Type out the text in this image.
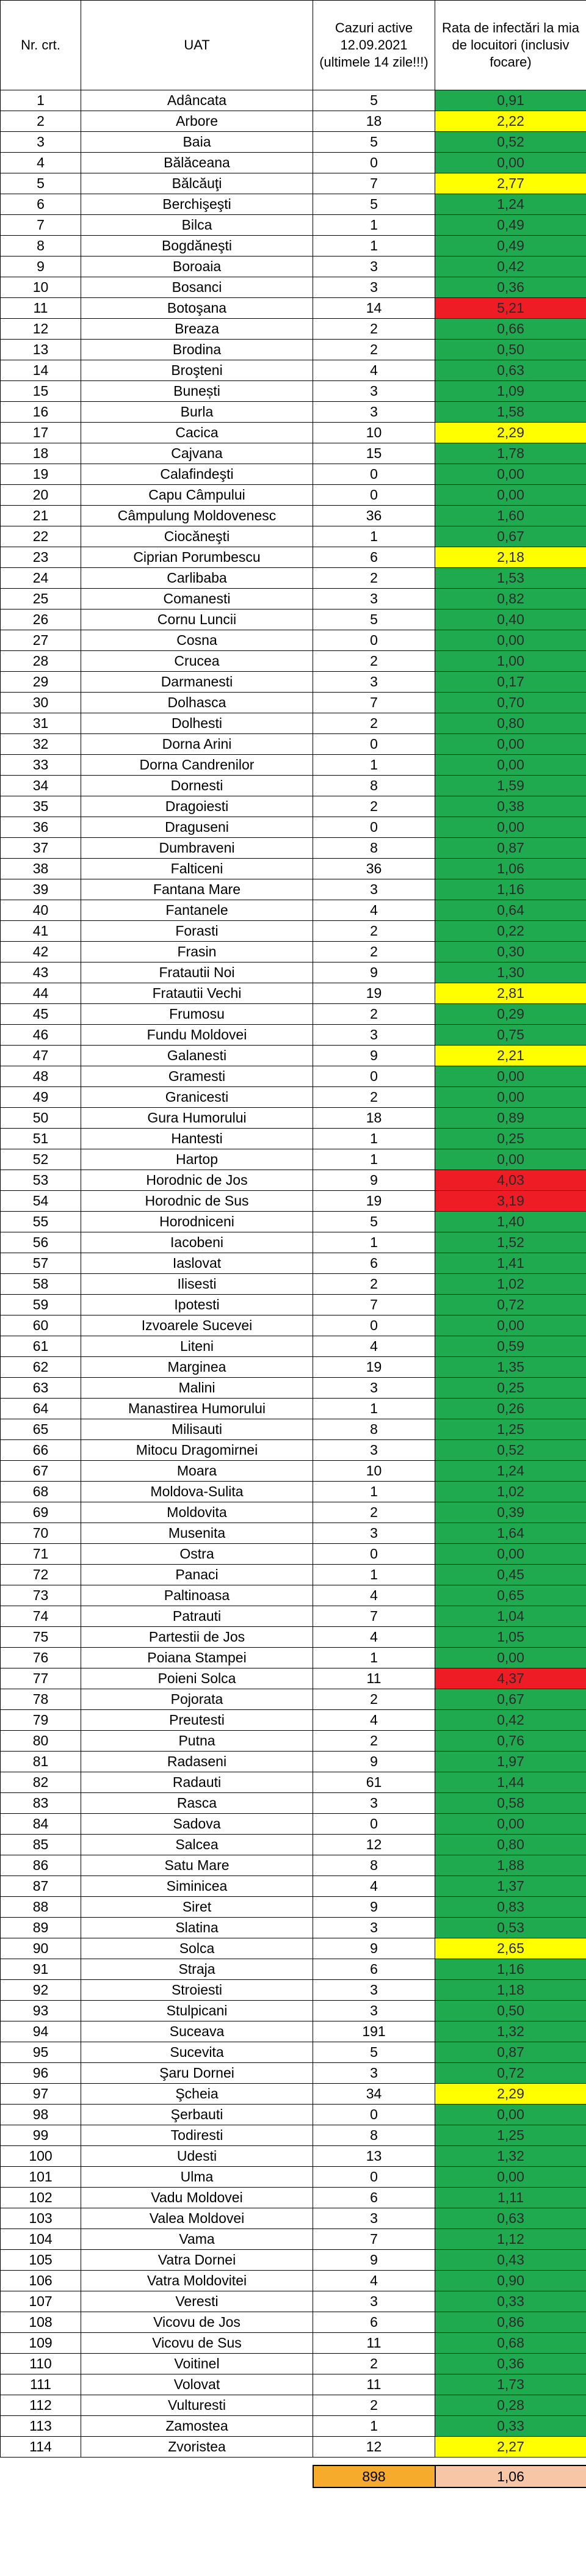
Nr. crt.	UAT	Cazuri active 12.09.2021 (ultimele 14 zile!!!)	Rata de infectări la mia de locuitori (inclusiv focare)
1	Adâncata	5	0,91
2	Arbore	18	2,22
3	Baia	5	0,52
4	Bălăceana	0	0,00
5	Bălcăuţi	7	2,77
6	Berchişeşti	5	1,24
7	Bilca	1	0,49
8	Bogdăneşti	1	0,49
9	Boroaia	3	0,42
10	Bosanci	3	0,36
11	Botoşana	14	5,21
12	Breaza	2	0,66
13	Brodina	2	0,50
14	Broşteni	4	0,63
15	Bunești	3	1,09
16	Burla	3	1,58
17	Cacica	10	2,29
18	Cajvana	15	1,78
19	Calafindeşti	0	0,00
20	Capu Câmpului	0	0,00
21	Câmpulung Moldovenesc	36	1,60
22	Ciocăneşti	1	0,67
23	Ciprian Porumbescu	6	2,18
24	Carlibaba	2	1,53
25	Comanesti	3	0,82
26	Cornu Luncii	5	0,40
27	Cosna	0	0,00
28	Crucea	2	1,00
29	Darmanesti	3	0,17
30	Dolhasca	7	0,70
31	Dolhesti	2	0,80
32	Dorna Arini	0	0,00
33	Dorna Candrenilor	1	0,00
34	Dornesti	8	1,59
35	Dragoiesti	2	0,38
36	Draguseni	0	0,00
37	Dumbraveni	8	0,87
38	Falticeni	36	1,06
39	Fantana Mare	3	1,16
40	Fantanele	4	0,64
41	Forasti	2	0,22
42	Frasin	2	0,30
43	Fratautii Noi	9	1,30
44	Fratautii Vechi	19	2,81
45	Frumosu	2	0,29
46	Fundu Moldovei	3	0,75
47	Galanesti	9	2,21
48	Gramesti	0	0,00
49	Granicesti	2	0,00
50	Gura Humorului	18	0,89
51	Hantesti	1	0,25
52	Hartop	1	0,00
53	Horodnic de Jos	9	4,03
54	Horodnic de Sus	19	3,19
55	Horodniceni	5	1,40
56	Iacobeni	1	1,52
57	Iaslovat	6	1,41
58	Ilisesti	2	1,02
59	Ipotesti	7	0,72
60	Izvoarele Sucevei	0	0,00
61	Liteni	4	0,59
62	Marginea	19	1,35
63	Malini	3	0,25
64	Manastirea Humorului	1	0,26
65	Milisauti	8	1,25
66	Mitocu Dragomirnei	3	0,52
67	Moara	10	1,24
68	Moldova-Sulita	1	1,02
69	Moldovita	2	0,39
70	Musenita	3	1,64
71	Ostra	0	0,00
72	Panaci	1	0,45
73	Paltinoasa	4	0,65
74	Patrauti	7	1,04
75	Partestii de Jos	4	1,05
76	Poiana Stampei	1	0,00
77	Poieni Solca	11	4,37
78	Pojorata	2	0,67
79	Preutesti	4	0,42
80	Putna	2	0,76
81	Radaseni	9	1,97
82	Radauti	61	1,44
83	Rasca	3	0,58
84	Sadova	0	0,00
85	Salcea	12	0,80
86	Satu Mare	8	1,88
87	Siminicea	4	1,37
88	Siret	9	0,83
89	Slatina	3	0,53
90	Solca	9	2,65
91	Straja	6	1,16
92	Stroiesti	3	1,18
93	Stulpicani	3	0,50
94	Suceava	191	1,32
95	Sucevita	5	0,87
96	Şaru Dornei	3	0,72
97	Şcheia	34	2,29
98	Şerbauti	0	0,00
99	Todiresti	8	1,25
100	Udesti	13	1,32
101	Ulma	0	0,00
102	Vadu Moldovei	6	1,11
103	Valea Moldovei	3	0,63
104	Vama	7	1,12
105	Vatra Dornei	9	0,43
106	Vatra Moldovitei	4	0,90
107	Veresti	3	0,33
108	Vicovu de Jos	6	0,86
109	Vicovu de Sus	11	0,68
110	Voitinel	2	0,36
111	Volovat	11	1,73
112	Vulturesti	2	0,28
113	Zamostea	1	0,33
114	Zvoristea	12	2,27

		898	1,06
